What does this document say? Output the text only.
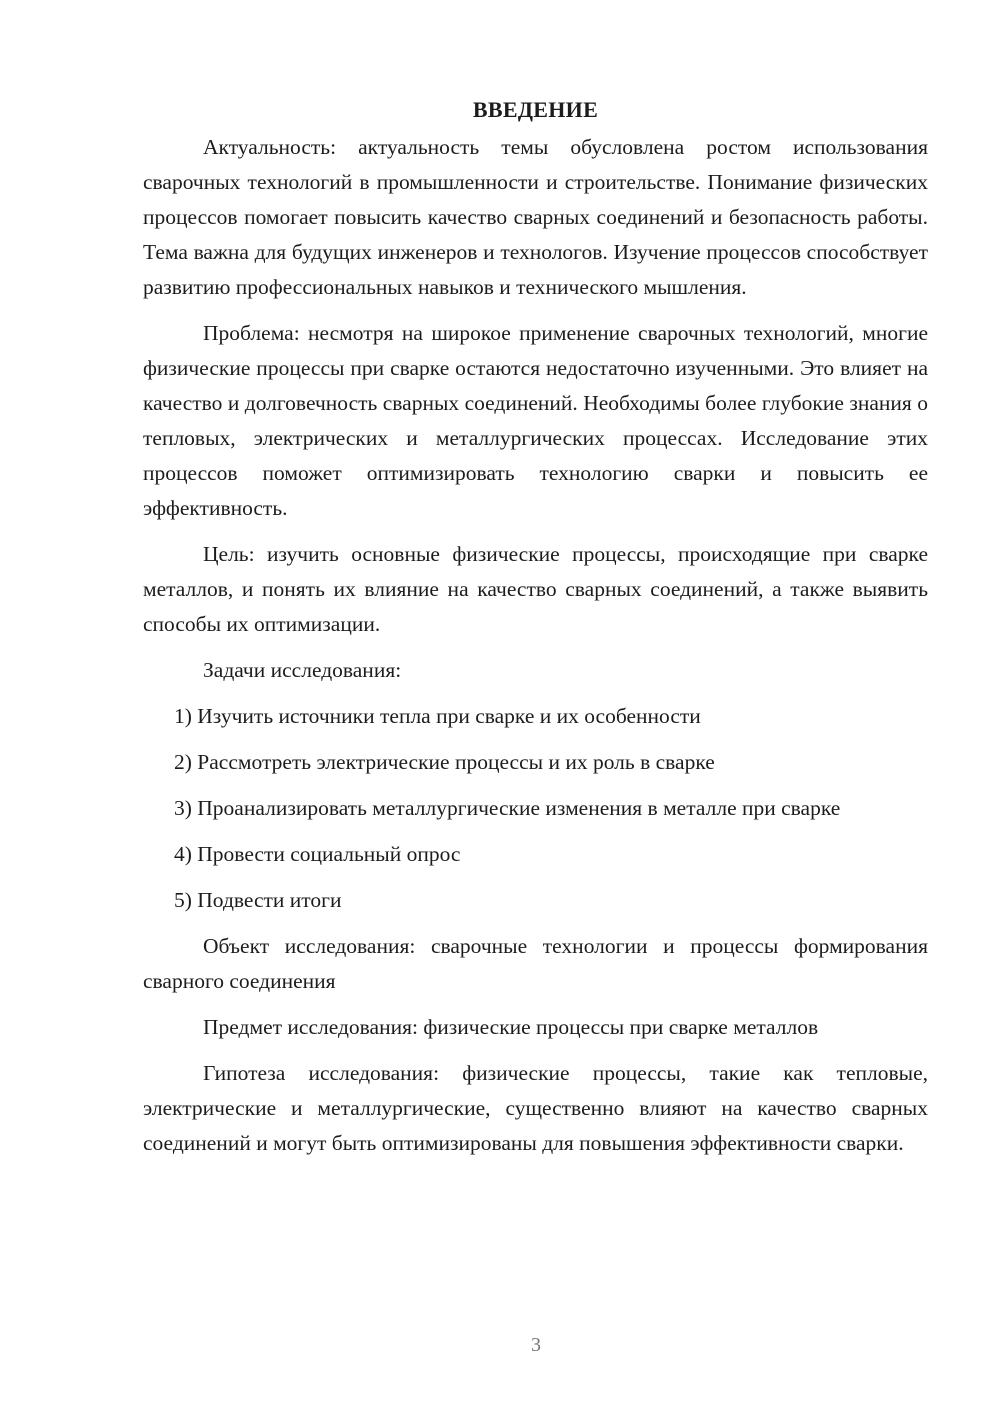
ВВЕДЕНИЕ

Актуальность: актуальность темы обусловлена ростом использования сварочных технологий в промышленности и строительстве. Понимание физических процессов помогает повысить качество сварных соединений и безопасность работы. Тема важна для будущих инженеров и технологов. Изучение процессов способствует развитию профессиональных навыков и технического мышления.

Проблема: несмотря на широкое применение сварочных технологий, многие физические процессы при сварке остаются недостаточно изученными. Это влияет на качество и долговечность сварных соединений. Необходимы более глубокие знания о тепловых, электрических и металлургических процессах. Исследование этих процессов поможет оптимизировать технологию сварки и повысить ее эффективность.

Цель: изучить основные физические процессы, происходящие при сварке металлов, и понять их влияние на качество сварных соединений, а также выявить способы их оптимизации.

Задачи исследования:

1) Изучить источники тепла при сварке и их особенности

2) Рассмотреть электрические процессы и их роль в сварке

3) Проанализировать металлургические изменения в металле при сварке

4) Провести социальный опрос

5) Подвести итоги

Объект исследования: сварочные технологии и процессы формирования сварного соединения

Предмет исследования: физические процессы при сварке металлов

Гипотеза исследования: физические процессы, такие как тепловые, электрические и металлургические, существенно влияют на качество сварных соединений и могут быть оптимизированы для повышения эффективности сварки.

3
